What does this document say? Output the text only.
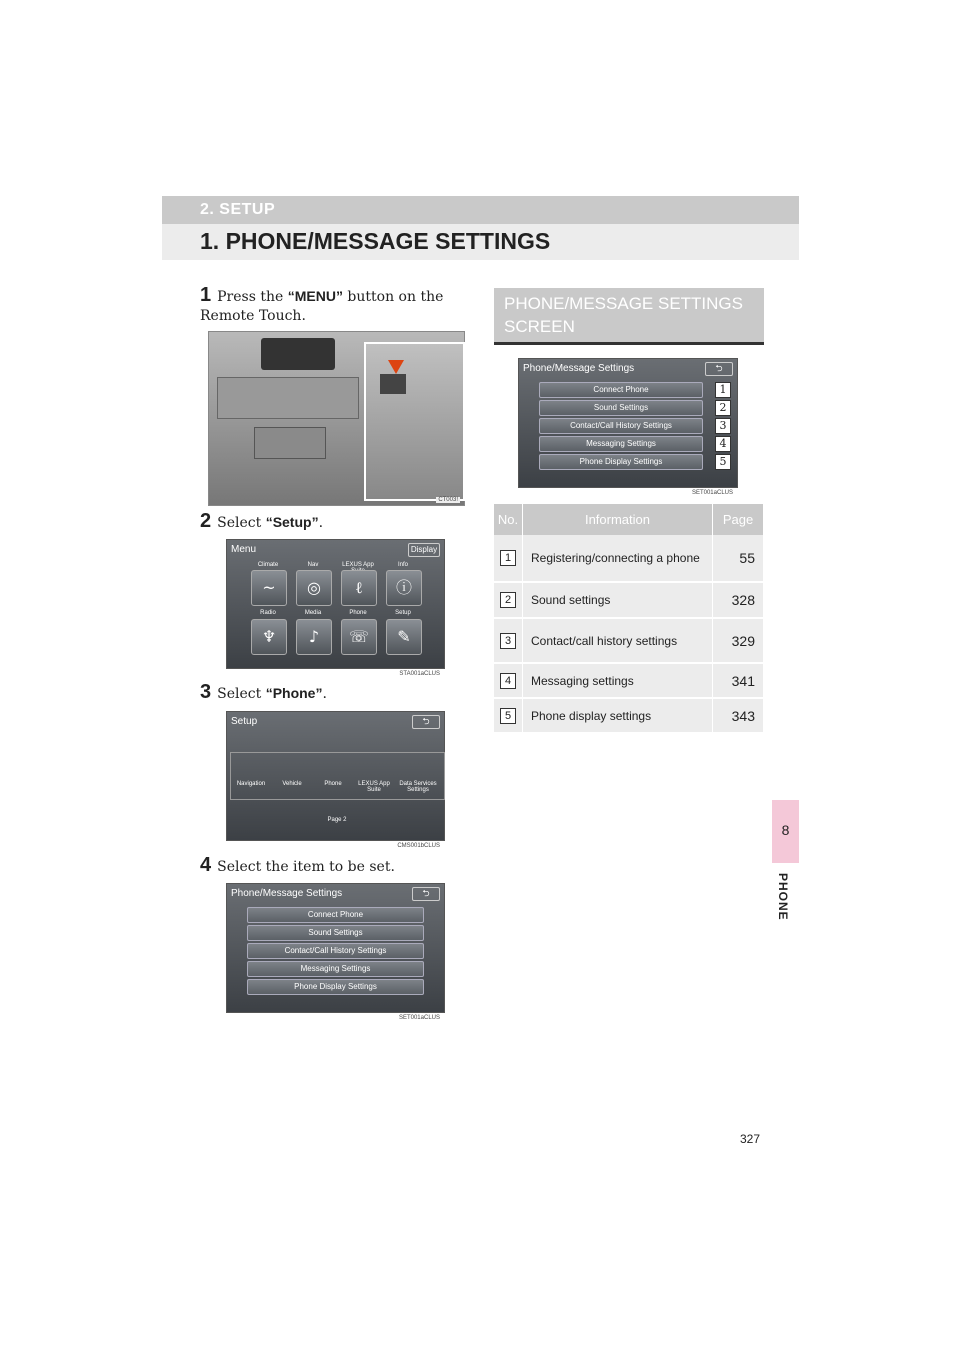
2. SETUP
1. PHONE/MESSAGE SETTINGS
1 Press the “MENU” button on the Remote Touch.
CT003!
2 Select “Setup”.
Menu	Display
Climate	Nav	LEXUS App	Info
~	◎	ℓ	ⓘ
Radio	Media	Phone	Setup
♆	♪	☏	✎
STA001aCLUS
3 Select “Phone”.
Setup	⮌
Navigation	Vehicle	Phone	LEXUS App Suite
Data Services Settings
Page 2
CMS001bCLUS
4 Select the item to be set.
Phone/Message Settings	⮌
Connect Phone
Sound Settings
Contact/Call History Settings
Messaging Settings
Phone Display Settings
SET001aCLUS
PHONE/MESSAGE SETTINGS SCREEN
Phone/Message Settings	⮌
Connect Phone
Sound Settings
Contact/Call History Settings
Messaging Settings
Phone Display Settings
1
2
3
4
5
SET001aCLUS
No.	Information	Page
1	Registering/connecting a phone	55
2	Sound settings	328
3	Contact/call history settings	329
4	Messaging settings	341
5	Phone display settings	343
8
PHONE
327
